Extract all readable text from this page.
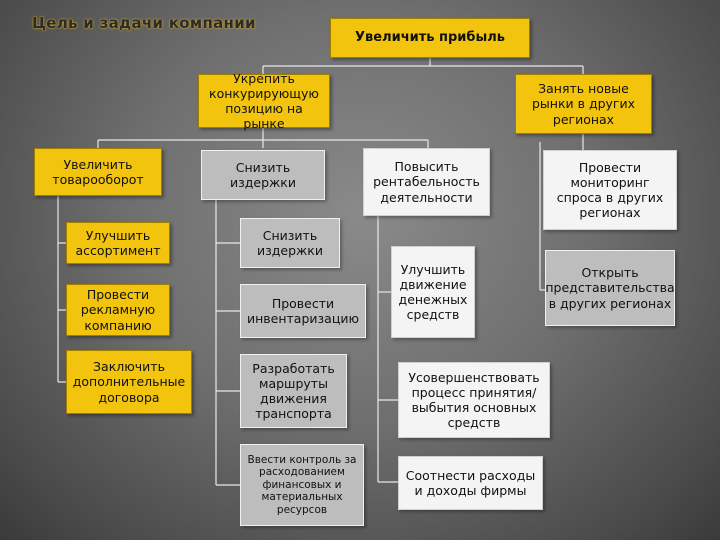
Цель и задачи компании
Увеличить прибыль
Укрепить конкурирующую позицию на рынке
Занять новые рынки в других регионах
Увеличить товарооборот
Снизить издержки
Повысить рентабельность деятельности
Провести мониторинг спроса в других регионах
Открыть представительства в других регионах
Улучшить ассортимент
Провести рекламную компанию
Заключить дополнительные договора
Снизить издержки
Провести инвентаризацию
Разработать маршруты движения транспорта
Ввести контроль за расходованием финансовых и материальных ресурсов
Улучшить движение денежных средств
Усовершенствовать процесс принятия/выбытия основных средств
Соотнести расходы и доходы фирмы
